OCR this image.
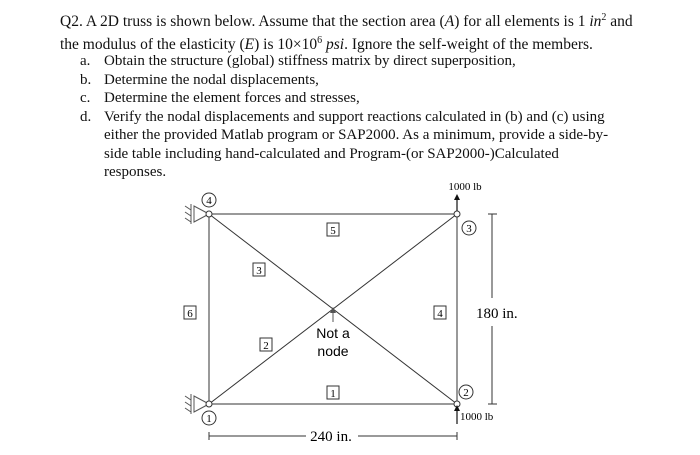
Q2. A 2D truss is shown below. Assume that the section area (A) for all elements is 1 $in^2$ and
the modulus of the elasticity (E) is $10\times 10^6$ psi. Ignore the self-weight of the members.
a. Obtain the structure (global) stiffness matrix by direct superposition,
b. Determine the nodal displacements,
c. Determine the element forces and stresses,
d. Verify the nodal displacements and support reactions calculated in (b) and (c) using either the provided Matlab program or SAP2000. As a minimum, provide a side-by-side table including hand-calculated and Program-(or SAP2000-)Calculated responses.
4
1
3
2
5
3
6	4
2
1
Not a
node
1000 lb
1000 lb
180 in.
240 in.
